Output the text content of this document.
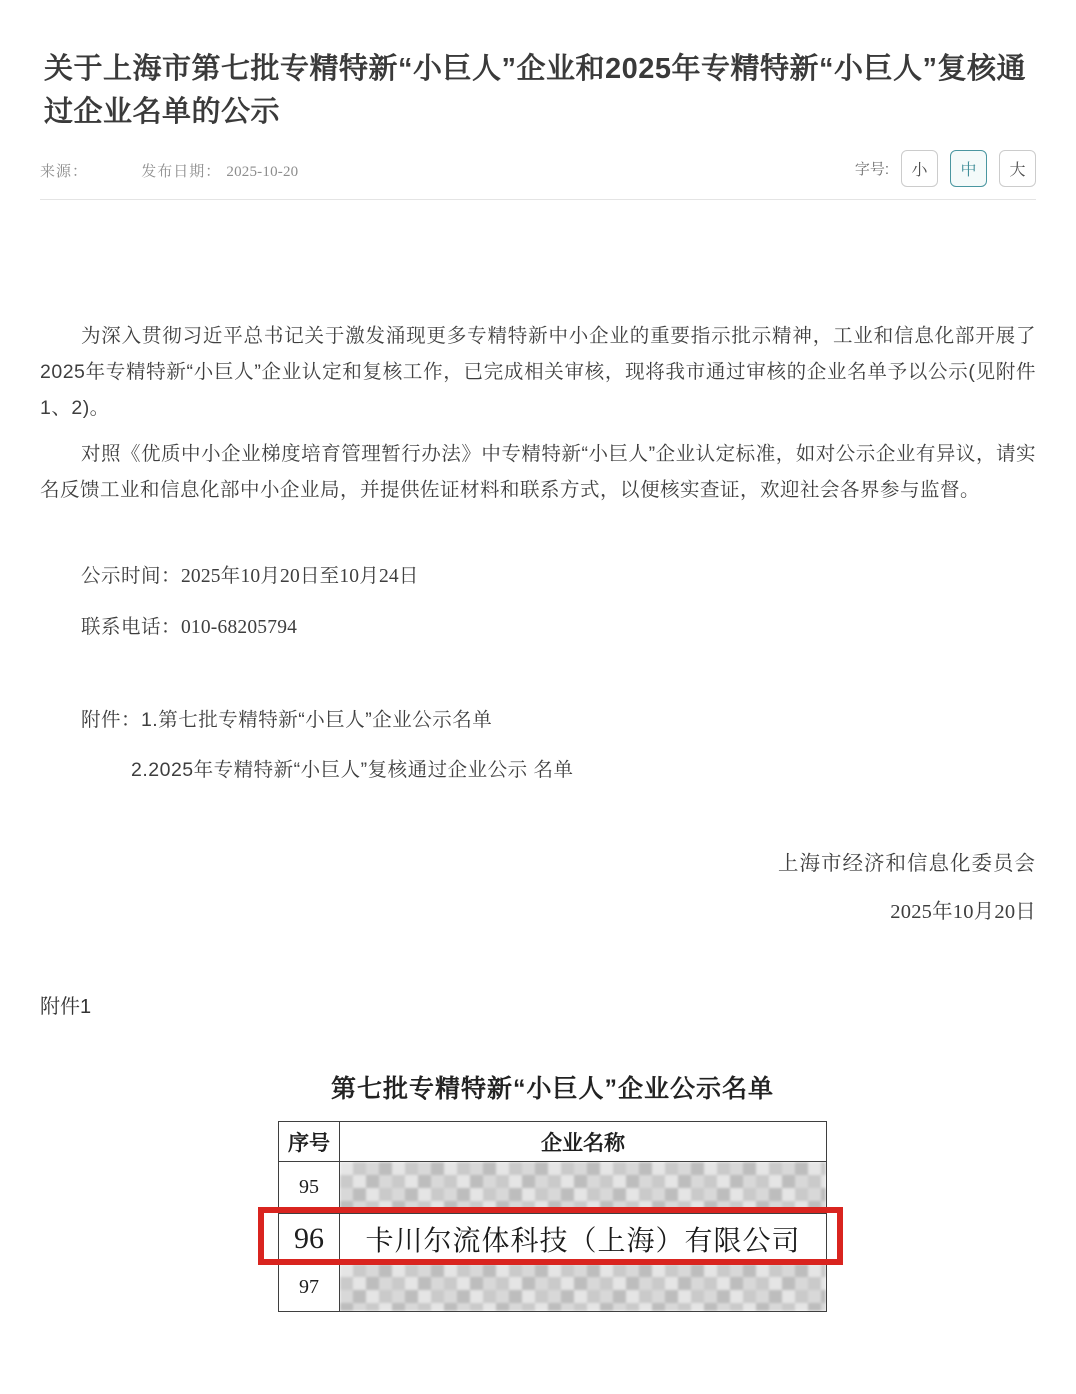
关于上海市第七批专精特新“小巨人”企业和2025年专精特新“小巨人”复核通过企业名单的公示
来源：	发布日期： 2025-10-20	字号:	小	中	大

为深入贯彻习近平总书记关于激发涌现更多专精特新中小企业的重要指示批示精神，工业和信息化部开展了2025年专精特新“小巨人”企业认定和复核工作，已完成相关审核，现将我市通过审核的企业名单予以公示(见附件1、2)。

对照《优质中小企业梯度培育管理暂行办法》中专精特新“小巨人”企业认定标准，如对公示企业有异议，请实名反馈工业和信息化部中小企业局，并提供佐证材料和联系方式，以便核实查证，欢迎社会各界参与监督。

公示时间：2025年10月20日至10月24日
联系电话：010-68205794
附件：1.第七批专精特新“小巨人”企业公示名单
2.2025年专精特新“小巨人”复核通过企业公示 名单
上海市经济和信息化委员会
2025年10月20日
附件1
第七批专精特新“小巨人”企业公示名单
序号	企业名称
95	

96	卡川尔流体科技（上海）有限公司
97	
